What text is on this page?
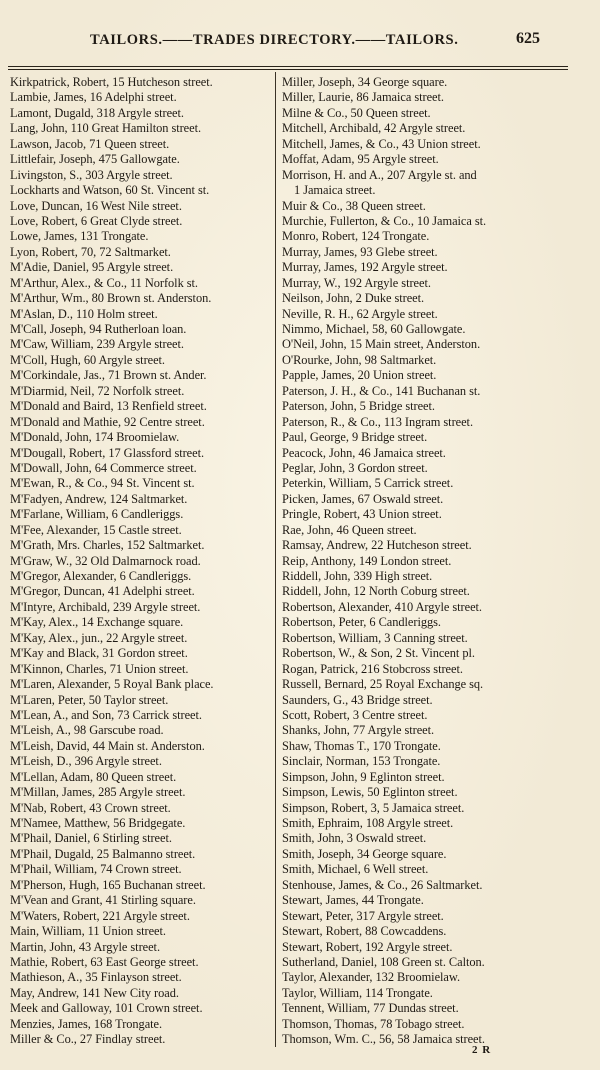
TAILORS.——TRADES DIRECTORY.——TAILORS.	625
Kirkpatrick, Robert, 15 Hutcheson street.
Lambie, James, 16 Adelphi street.
Lamont, Dugald, 318 Argyle street.
Lang, John, 110 Great Hamilton street.
Lawson, Jacob, 71 Queen street.
Littlefair, Joseph, 475 Gallowgate.
Livingston, S., 303 Argyle street.
Lockharts and Watson, 60 St. Vincent st.
Love, Duncan, 16 West Nile street.
Love, Robert, 6 Great Clyde street.
Lowe, James, 131 Trongate.
Lyon, Robert, 70, 72 Saltmarket.
M'Adie, Daniel, 95 Argyle street.
M'Arthur, Alex., & Co., 11 Norfolk st.
M'Arthur, Wm., 80 Brown st. Anderston.
M'Aslan, D., 110 Holm street.
M'Call, Joseph, 94 Rutherloan loan.
M'Caw, William, 239 Argyle street.
M'Coll, Hugh, 60 Argyle street.
M'Corkindale, Jas., 71 Brown st. Ander.
M'Diarmid, Neil, 72 Norfolk street.
M'Donald and Baird, 13 Renfield street.
M'Donald and Mathie, 92 Centre street.
M'Donald, John, 174 Broomielaw.
M'Dougall, Robert, 17 Glassford street.
M'Dowall, John, 64 Commerce street.
M'Ewan, R., & Co., 94 St. Vincent st.
M'Fadyen, Andrew, 124 Saltmarket.
M'Farlane, William, 6 Candleriggs.
M'Fee, Alexander, 15 Castle street.
M'Grath, Mrs. Charles, 152 Saltmarket.
M'Graw, W., 32 Old Dalmarnock road.
M'Gregor, Alexander, 6 Candleriggs.
M'Gregor, Duncan, 41 Adelphi street.
M'Intyre, Archibald, 239 Argyle street.
M'Kay, Alex., 14 Exchange square.
M'Kay, Alex., jun., 22 Argyle street.
M'Kay and Black, 31 Gordon street.
M'Kinnon, Charles, 71 Union street.
M'Laren, Alexander, 5 Royal Bank place.
M'Laren, Peter, 50 Taylor street.
M'Lean, A., and Son, 73 Carrick street.
M'Leish, A., 98 Garscube road.
M'Leish, David, 44 Main st. Anderston.
M'Leish, D., 396 Argyle street.
M'Lellan, Adam, 80 Queen street.
M'Millan, James, 285 Argyle street.
M'Nab, Robert, 43 Crown street.
M'Namee, Matthew, 56 Bridgegate.
M'Phail, Daniel, 6 Stirling street.
M'Phail, Dugald, 25 Balmanno street.
M'Phail, William, 74 Crown street.
M'Pherson, Hugh, 165 Buchanan street.
M'Vean and Grant, 41 Stirling square.
M'Waters, Robert, 221 Argyle street.
Main, William, 11 Union street.
Martin, John, 43 Argyle street.
Mathie, Robert, 63 East George street.
Mathieson, A., 35 Finlayson street.
May, Andrew, 141 New City road.
Meek and Galloway, 101 Crown street.
Menzies, James, 168 Trongate.
Miller & Co., 27 Findlay street.
Miller, Joseph, 34 George square.
Miller, Laurie, 86 Jamaica street.
Milne & Co., 50 Queen street.
Mitchell, Archibald, 42 Argyle street.
Mitchell, James, & Co., 43 Union street.
Moffat, Adam, 95 Argyle street.
Morrison, H. and A., 207 Argyle st. and
1 Jamaica street.
Muir & Co., 38 Queen street.
Murchie, Fullerton, & Co., 10 Jamaica st.
Monro, Robert, 124 Trongate.
Murray, James, 93 Glebe street.
Murray, James, 192 Argyle street.
Murray, W., 192 Argyle street.
Neilson, John, 2 Duke street.
Neville, R. H., 62 Argyle street.
Nimmo, Michael, 58, 60 Gallowgate.
O'Neil, John, 15 Main street, Anderston.
O'Rourke, John, 98 Saltmarket.
Papple, James, 20 Union street.
Paterson, J. H., & Co., 141 Buchanan st.
Paterson, John, 5 Bridge street.
Paterson, R., & Co., 113 Ingram street.
Paul, George, 9 Bridge street.
Peacock, John, 46 Jamaica street.
Peglar, John, 3 Gordon street.
Peterkin, William, 5 Carrick street.
Picken, James, 67 Oswald street.
Pringle, Robert, 43 Union street.
Rae, John, 46 Queen street.
Ramsay, Andrew, 22 Hutcheson street.
Reip, Anthony, 149 London street.
Riddell, John, 339 High street.
Riddell, John, 12 North Coburg street.
Robertson, Alexander, 410 Argyle street.
Robertson, Peter, 6 Candleriggs.
Robertson, William, 3 Canning street.
Robertson, W., & Son, 2 St. Vincent pl.
Rogan, Patrick, 216 Stobcross street.
Russell, Bernard, 25 Royal Exchange sq.
Saunders, G., 43 Bridge street.
Scott, Robert, 3 Centre street.
Shanks, John, 77 Argyle street.
Shaw, Thomas T., 170 Trongate.
Sinclair, Norman, 153 Trongate.
Simpson, John, 9 Eglinton street.
Simpson, Lewis, 50 Eglinton street.
Simpson, Robert, 3, 5 Jamaica street.
Smith, Ephraim, 108 Argyle street.
Smith, John, 3 Oswald street.
Smith, Joseph, 34 George square.
Smith, Michael, 6 Well street.
Stenhouse, James, & Co., 26 Saltmarket.
Stewart, James, 44 Trongate.
Stewart, Peter, 317 Argyle street.
Stewart, Robert, 88 Cowcaddens.
Stewart, Robert, 192 Argyle street.
Sutherland, Daniel, 108 Green st. Calton.
Taylor, Alexander, 132 Broomielaw.
Taylor, William, 114 Trongate.
Tennent, William, 77 Dundas street.
Thomson, Thomas, 78 Tobago street.
Thomson, Wm. C., 56, 58 Jamaica street.
2 R
